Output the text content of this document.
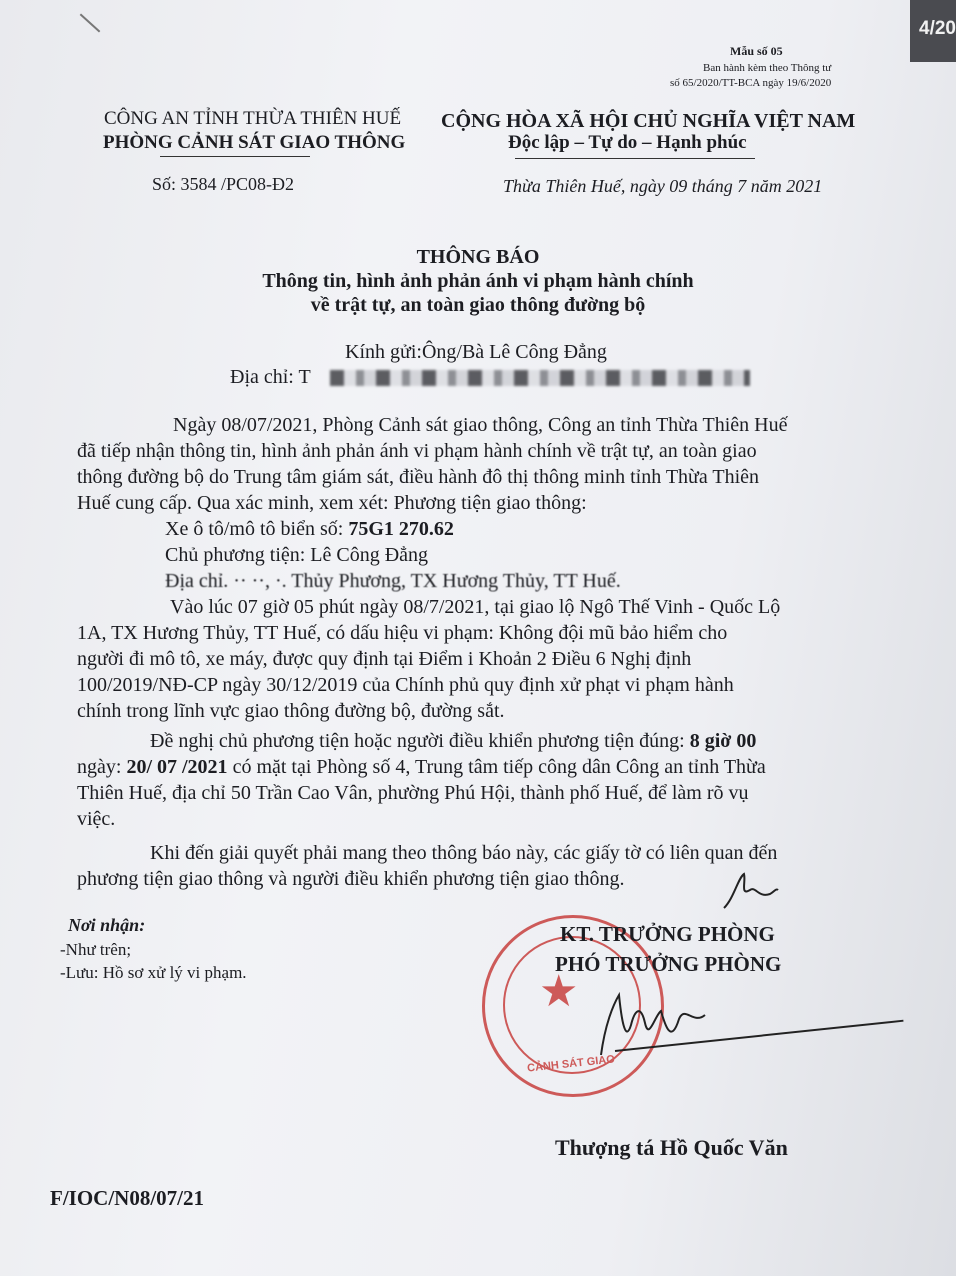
4/20
Mẫu số 05
Ban hành kèm theo Thông tư
số 65/2020/TT-BCA ngày 19/6/2020
CÔNG AN TỈNH THỪA THIÊN HUẾ
PHÒNG CẢNH SÁT GIAO THÔNG
CỘNG HÒA XÃ HỘI CHỦ NGHĨA VIỆT NAM
Độc lập – Tự do – Hạnh phúc
Số: 3584 /PC08-Đ2	Thừa Thiên Huế, ngày 09 tháng 7 năm 2021
THÔNG BÁO
Thông tin, hình ảnh phản ánh vi phạm hành chính
về trật tự, an toàn giao thông đường bộ
Kính gửi:Ông/Bà Lê Công Đẳng
Địa chỉ: T
Ngày 08/07/2021, Phòng Cảnh sát giao thông, Công an tỉnh Thừa Thiên Huế
đã tiếp nhận thông tin, hình ảnh phản ánh vi phạm hành chính về trật tự, an toàn giao
thông đường bộ do Trung tâm giám sát, điều hành đô thị thông minh tỉnh Thừa Thiên
Huế cung cấp. Qua xác minh, xem xét: Phương tiện giao thông:
Xe ô tô/mô tô biển số: 75G1 270.62
Chủ phương tiện: Lê Công Đẳng
Địa chỉ. ·· ··, ·. Thủy Phương, TX Hương Thủy, TT Huế.
Vào lúc 07 giờ 05 phút ngày 08/7/2021, tại giao lộ Ngô Thế Vinh - Quốc Lộ
1A, TX Hương Thủy, TT Huế, có dấu hiệu vi phạm: Không đội mũ bảo hiểm cho
người đi mô tô, xe máy, được quy định tại Điểm i Khoản 2 Điều 6 Nghị định
100/2019/NĐ-CP ngày 30/12/2019 của Chính phủ quy định xử phạt vi phạm hành
chính trong lĩnh vực giao thông đường bộ, đường sắt.
Đề nghị chủ phương tiện hoặc người điều khiển phương tiện đúng: 8 giờ 00
ngày: 20/ 07 /2021 có mặt tại Phòng số 4, Trung tâm tiếp công dân Công an tỉnh Thừa
Thiên Huế, địa chỉ 50 Trần Cao Vân, phường Phú Hội, thành phố Huế, để làm rõ vụ
việc.
Khi đến giải quyết phải mang theo thông báo này, các giấy tờ có liên quan đến
phương tiện giao thông và người điều khiển phương tiện giao thông.
Nơi nhận:
-Như trên;
-Lưu: Hồ sơ xử lý vi phạm.	★
CẢNH SÁT GIAO
KT. TRƯỞNG PHÒNG
PHÓ TRƯỞNG PHÒNG
Thượng tá Hồ Quốc Văn
F/IOC/N08/07/21
